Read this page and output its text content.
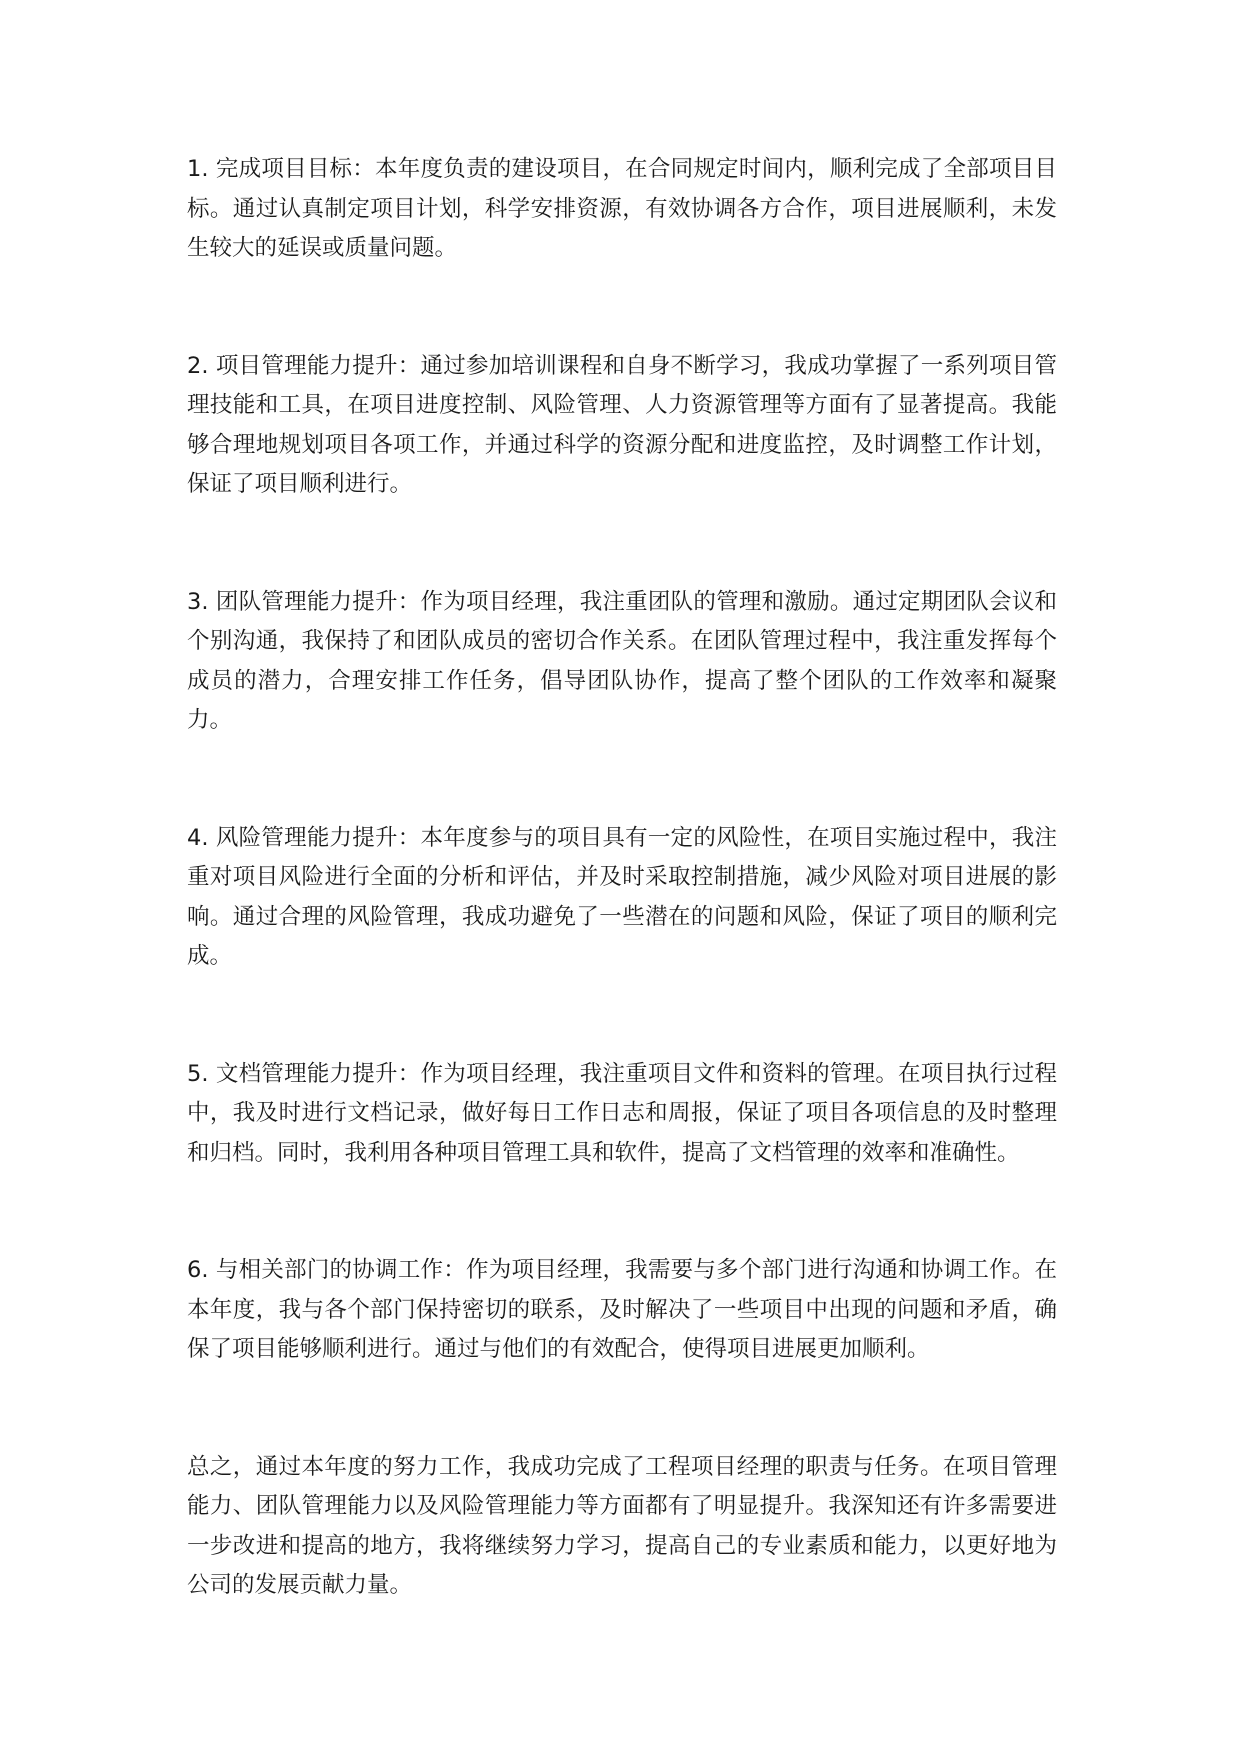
1. 完成项目目标：本年度负责的建设项目，在合同规定时间内，顺利完成了全部项目目标。通过认真制定项目计划，科学安排资源，有效协调各方合作，项目进展顺利，未发生较大的延误或质量问题。

2. 项目管理能力提升：通过参加培训课程和自身不断学习，我成功掌握了一系列项目管理技能和工具，在项目进度控制、风险管理、人力资源管理等方面有了显著提高。我能够合理地规划项目各项工作，并通过科学的资源分配和进度监控，及时调整工作计划，保证了项目顺利进行。

3. 团队管理能力提升：作为项目经理，我注重团队的管理和激励。通过定期团队会议和个别沟通，我保持了和团队成员的密切合作关系。在团队管理过程中，我注重发挥每个成员的潜力，合理安排工作任务，倡导团队协作，提高了整个团队的工作效率和凝聚力。

4. 风险管理能力提升：本年度参与的项目具有一定的风险性，在项目实施过程中，我注重对项目风险进行全面的分析和评估，并及时采取控制措施，减少风险对项目进展的影响。通过合理的风险管理，我成功避免了一些潜在的问题和风险，保证了项目的顺利完成。

5. 文档管理能力提升：作为项目经理，我注重项目文件和资料的管理。在项目执行过程中，我及时进行文档记录，做好每日工作日志和周报，保证了项目各项信息的及时整理和归档。同时，我利用各种项目管理工具和软件，提高了文档管理的效率和准确性。

6. 与相关部门的协调工作：作为项目经理，我需要与多个部门进行沟通和协调工作。在本年度，我与各个部门保持密切的联系，及时解决了一些项目中出现的问题和矛盾，确保了项目能够顺利进行。通过与他们的有效配合，使得项目进展更加顺利。

总之，通过本年度的努力工作，我成功完成了工程项目经理的职责与任务。在项目管理能力、团队管理能力以及风险管理能力等方面都有了明显提升。我深知还有许多需要进一步改进和提高的地方，我将继续努力学习，提高自己的专业素质和能力，以更好地为公司的发展贡献力量。
